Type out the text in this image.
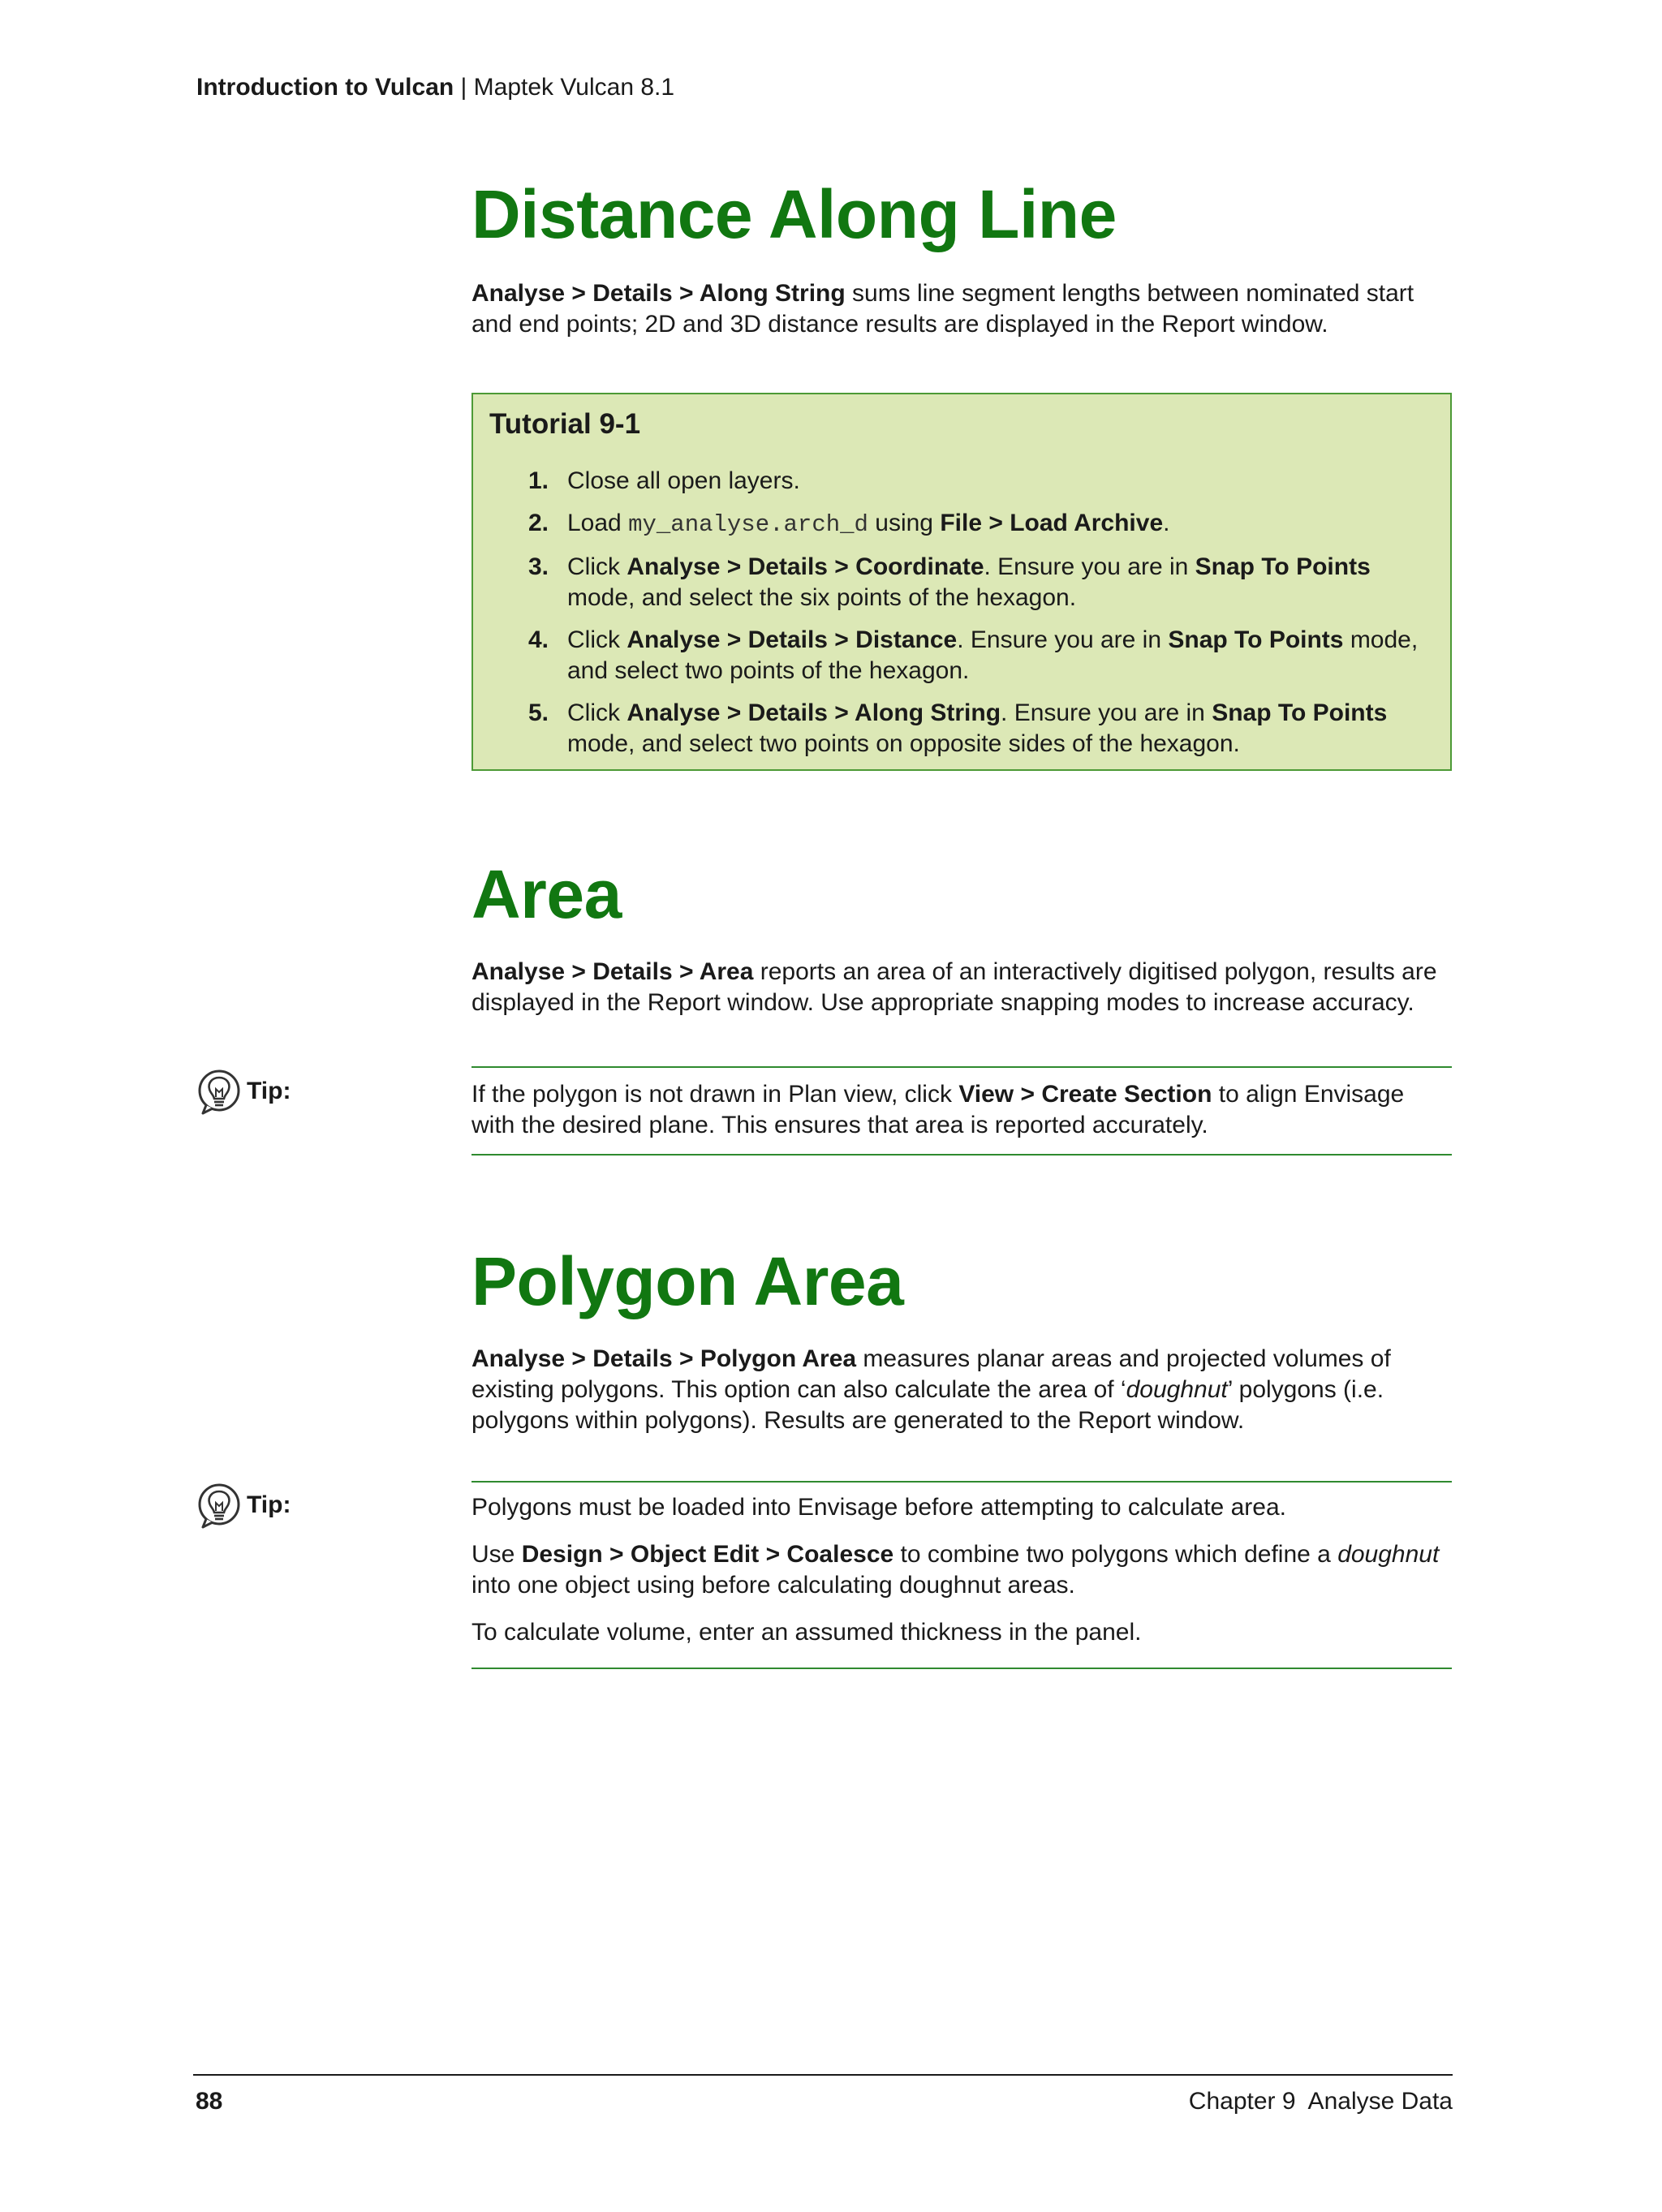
Introduction to Vulcan | Maptek Vulcan 8.1
Distance Along Line

Analyse > Details > Along String sums line segment lengths between nominated start and end points; 2D and 3D distance results are displayed in the Report window.

Tutorial 9-1
1. Close all open layers.
2. Load my_analyse.arch_d using File > Load Archive.
3. Click Analyse > Details > Coordinate. Ensure you are in Snap To Points mode, and select the six points of the hexagon.
4. Click Analyse > Details > Distance. Ensure you are in Snap To Points mode, and select two points of the hexagon.
5. Click Analyse > Details > Along String. Ensure you are in Snap To Points mode, and select two points on opposite sides of the hexagon.
Area

Analyse > Details > Area reports an area of an interactively digitised polygon, results are displayed in the Report window. Use appropriate snapping modes to increase accuracy.

Tip:	If the polygon is not drawn in Plan view, click View > Create Section to align Envisage with the desired plane. This ensures that area is reported accurately.

Polygon Area

Analyse > Details > Polygon Area measures planar areas and projected volumes of existing polygons. This option can also calculate the area of ‘doughnut’ polygons (i.e. polygons within polygons). Results are generated to the Report window.

Tip:	Polygons must be loaded into Envisage before attempting to calculate area.

Use Design > Object Edit > Coalesce to combine two polygons which define a doughnut into one object using before calculating doughnut areas.

To calculate volume, enter an assumed thickness in the panel.

88	Chapter 9  Analyse Data
